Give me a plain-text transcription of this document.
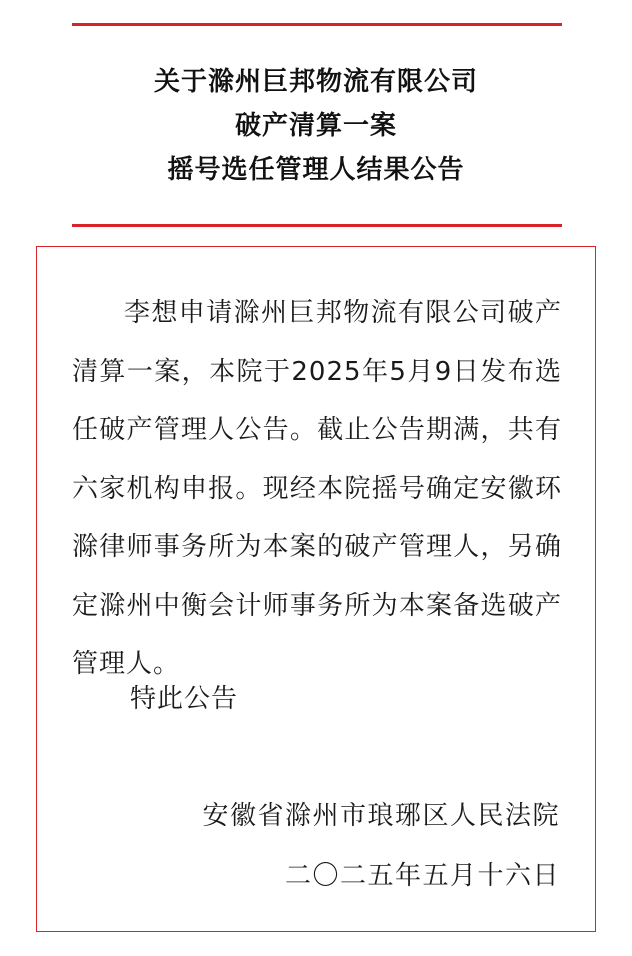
关于滁州巨邦物流有限公司
破产清算一案
摇号选任管理人结果公告
李想申请滁州巨邦物流有限公司破产清算一案，本院于2025年5月9日发布选任破产管理人公告。截止公告期满，共有六家机构申报。现经本院摇号确定安徽环滁律师事务所为本案的破产管理人，另确定滁州中衡会计师事务所为本案备选破产管理人。
特此公告
安徽省滁州市琅琊区人民法院
二〇二五年五月十六日
